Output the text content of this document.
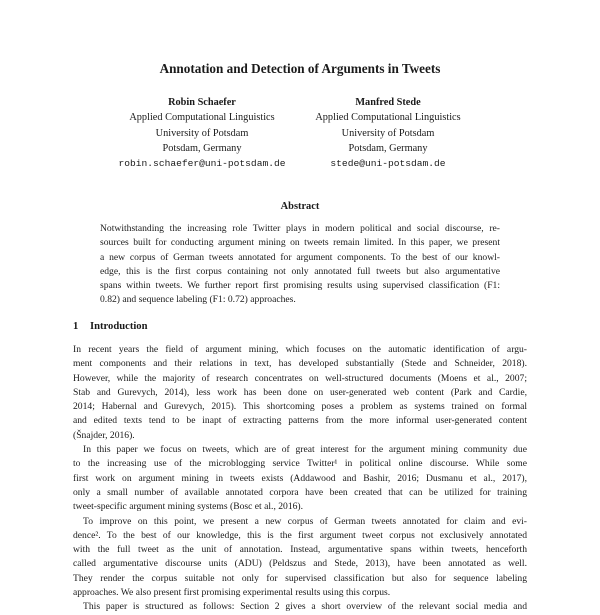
Annotation and Detection of Arguments in Tweets
Robin Schaefer
Applied Computational Linguistics
University of Potsdam
Potsdam, Germany
robin.schaefer@uni-potsdam.de
Manfred Stede
Applied Computational Linguistics
University of Potsdam
Potsdam, Germany
stede@uni-potsdam.de
Abstract
Notwithstanding the increasing role Twitter plays in modern political and social discourse, re-
sources built for conducting argument mining on tweets remain limited. In this paper, we present
a new corpus of German tweets annotated for argument components. To the best of our knowl-
edge, this is the first corpus containing not only annotated full tweets but also argumentative
spans within tweets. We further report first promising results using supervised classification (F1:
0.82) and sequence labeling (F1: 0.72) approaches.
1 Introduction
In recent years the field of argument mining, which focuses on the automatic identification of argu-
ment components and their relations in text, has developed substantially (Stede and Schneider, 2018).
However, while the majority of research concentrates on well-structured documents (Moens et al., 2007;
Stab and Gurevych, 2014), less work has been done on user-generated web content (Park and Cardie,
2014; Habernal and Gurevych, 2015). This shortcoming poses a problem as systems trained on formal
and edited texts tend to be inapt of extracting patterns from the more informal user-generated content
(Šnajder, 2016).
In this paper we focus on tweets, which are of great interest for the argument mining community due
to the increasing use of the microblogging service Twitter¹ in political online discourse. While some
first work on argument mining in tweets exists (Addawood and Bashir, 2016; Dusmanu et al., 2017),
only a small number of available annotated corpora have been created that can be utilized for training
tweet-specific argument mining systems (Bosc et al., 2016).
To improve on this point, we present a new corpus of German tweets annotated for claim and evi-
dence². To the best of our knowledge, this is the first argument tweet corpus not exclusively annotated
with the full tweet as the unit of annotation. Instead, argumentative spans within tweets, henceforth
called argumentative discourse units (ADU) (Peldszus and Stede, 2013), have been annotated as well.
They render the corpus suitable not only for supervised classification but also for sequence labeling
approaches. We also present first promising experimental results using this corpus.
This paper is structured as follows: Section 2 gives a short overview of the relevant social media and
